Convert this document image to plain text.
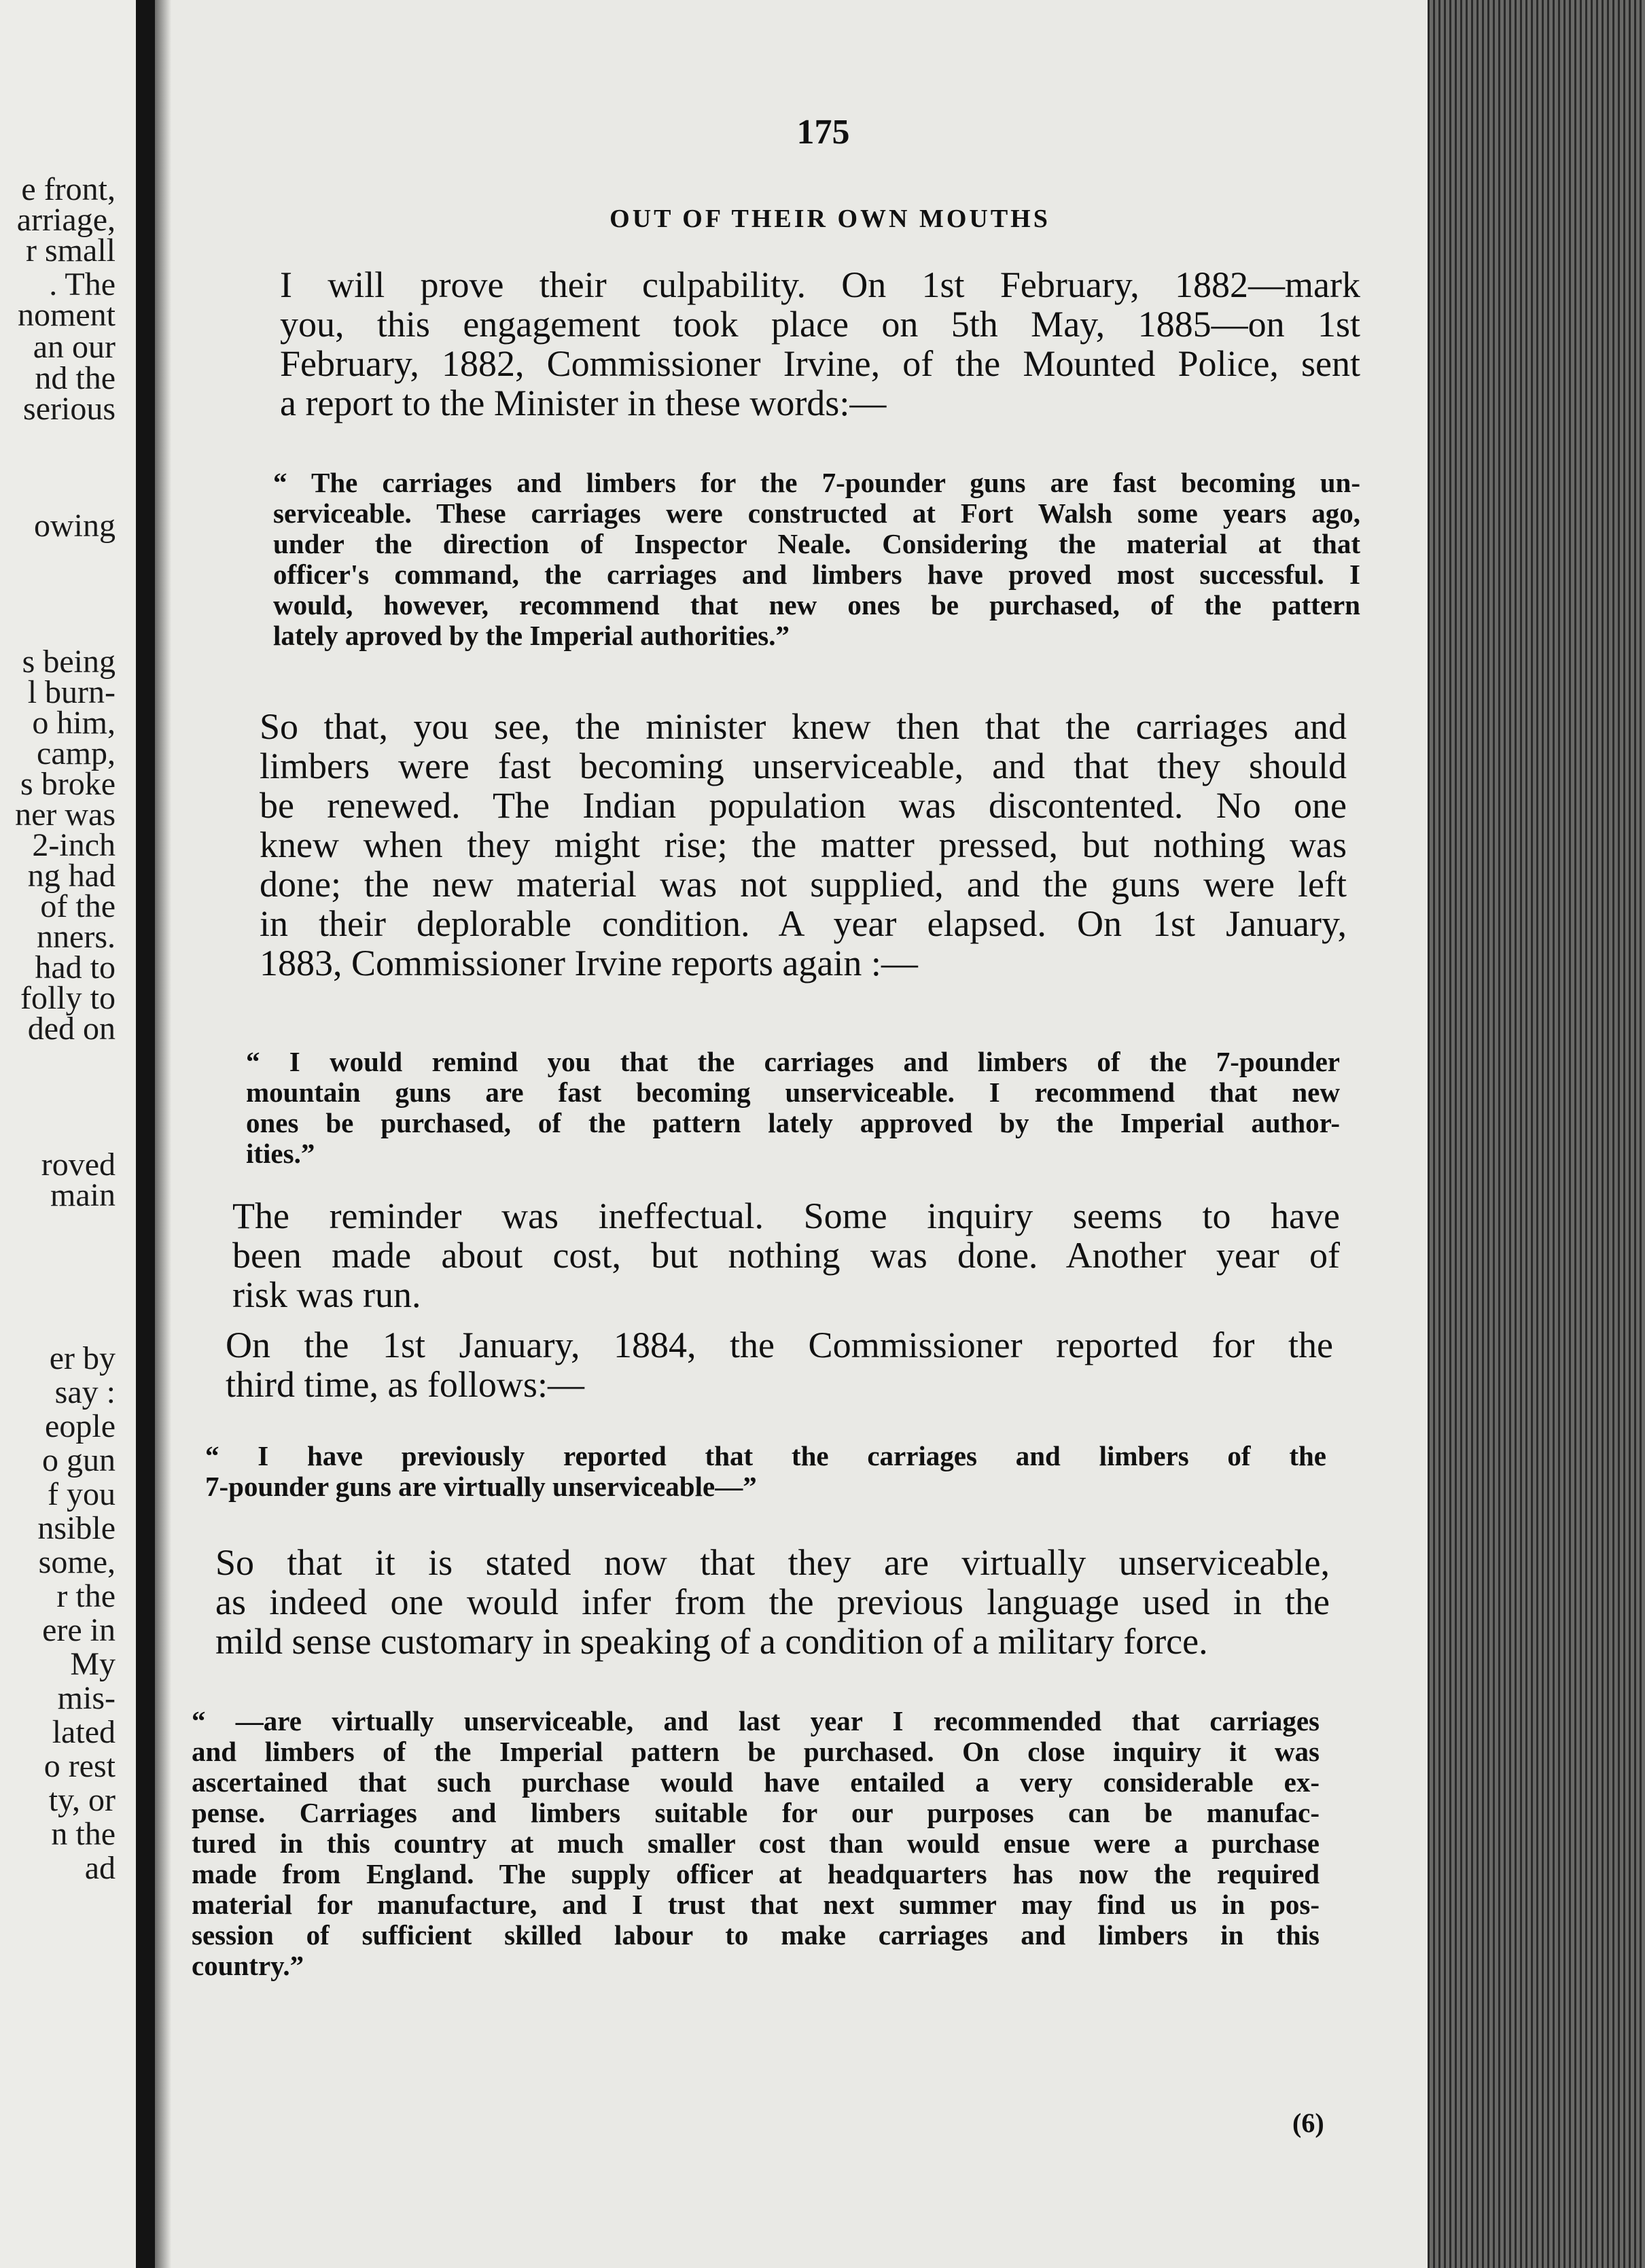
e front,
arriage,
r small
. The
noment
an our
nd the
serious
owing
s being
l burn-
o him,
camp,
s broke
ner was
2-inch
ng had
of the
nners.
had to
folly to
ded on
roved
main
er by
say :
eople
o gun
f you
nsible
some,
r the
ere in
My
mis-
lated
o rest
ty, or
n the
ad
175
OUT OF THEIR OWN MOUTHS
I will prove their culpability. On 1st February, 1882—mark
you, this engagement took place on 5th May, 1885—on 1st
February, 1882, Commissioner Irvine, of the Mounted Police, sent
a report to the Minister in these words:—
“ The carriages and limbers for the 7-pounder guns are fast becoming un-
serviceable. These carriages were constructed at Fort Walsh some years ago,
under the direction of Inspector Neale. Considering the material at that
officer's command, the carriages and limbers have proved most successful. I
would, however, recommend that new ones be purchased, of the pattern
lately aproved by the Imperial authorities.”
So that, you see, the minister knew then that the carriages and
limbers were fast becoming unserviceable, and that they should
be renewed. The Indian population was discontented. No one
knew when they might rise; the matter pressed, but nothing was
done; the new material was not supplied, and the guns were left
in their deplorable condition. A year elapsed. On 1st January,
1883, Commissioner Irvine reports again :—
“ I would remind you that the carriages and limbers of the 7-pounder
mountain guns are fast becoming unserviceable. I recommend that new
ones be purchased, of the pattern lately approved by the Imperial author-
ities.”
The reminder was ineffectual. Some inquiry seems to have
been made about cost, but nothing was done. Another year of
risk was run.
On the 1st January, 1884, the Commissioner reported for the
third time, as follows:—
“ I have previously reported that the carriages and limbers of the
7-pounder guns are virtually unserviceable—”
So that it is stated now that they are virtually unserviceable,
as indeed one would infer from the previous language used in the
mild sense customary in speaking of a condition of a military force.
“ —are virtually unserviceable, and last year I recommended that carriages
and limbers of the Imperial pattern be purchased. On close inquiry it was
ascertained that such purchase would have entailed a very considerable ex-
pense. Carriages and limbers suitable for our purposes can be manufac-
tured in this country at much smaller cost than would ensue were a purchase
made from England. The supply officer at headquarters has now the required
material for manufacture, and I trust that next summer may find us in pos-
session of sufficient skilled labour to make carriages and limbers in this
country.”
(6)
